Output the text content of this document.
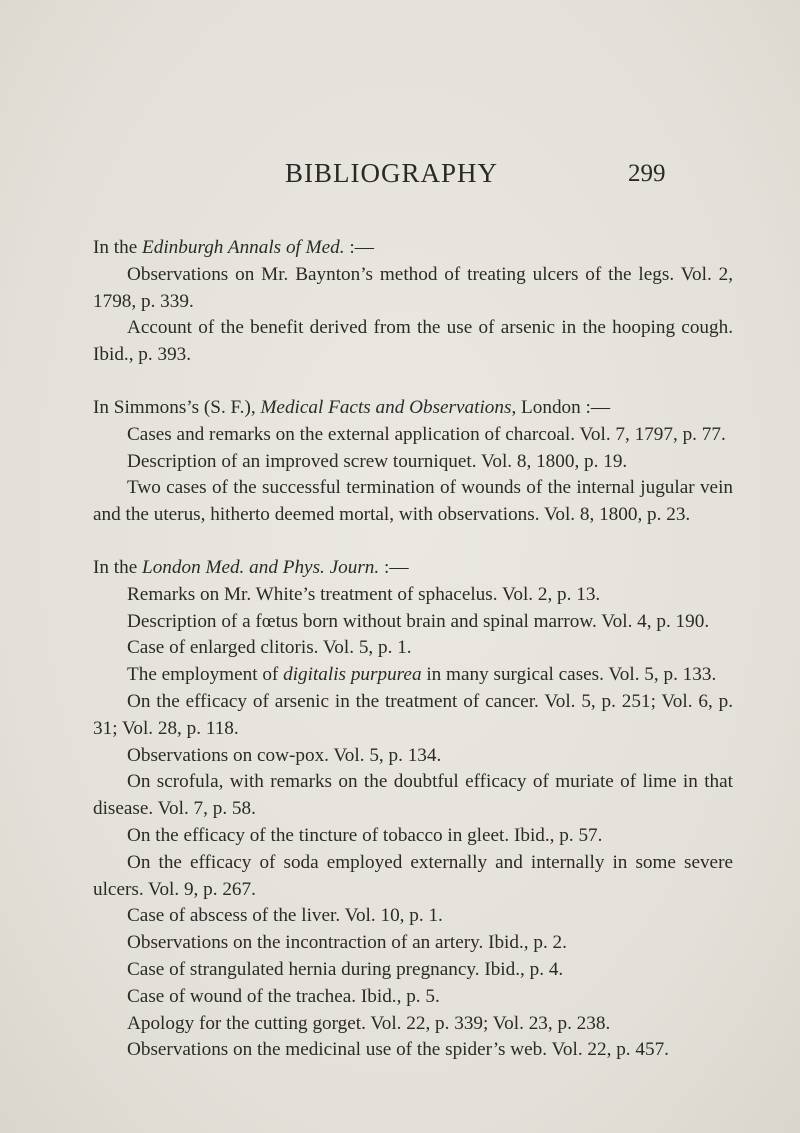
BIBLIOGRAPHY	299

In the Edinburgh Annals of Med. :—

Observations on Mr. Baynton’s method of treating ulcers of the legs. Vol. 2, 1798, p. 339.

Account of the benefit derived from the use of arsenic in the hooping cough. Ibid., p. 393.

In Simmons’s (S. F.), Medical Facts and Observations, London :—

Cases and remarks on the external application of charcoal. Vol. 7, 1797, p. 77.

Description of an improved screw tourniquet. Vol. 8, 1800, p. 19.

Two cases of the successful termination of wounds of the internal jugular vein and the uterus, hitherto deemed mortal, with observations. Vol. 8, 1800, p. 23.

In the London Med. and Phys. Journ. :—

Remarks on Mr. White’s treatment of sphacelus. Vol. 2, p. 13.

Description of a fœtus born without brain and spinal marrow. Vol. 4, p. 190.

Case of enlarged clitoris. Vol. 5, p. 1.

The employment of digitalis purpurea in many surgical cases. Vol. 5, p. 133.

On the efficacy of arsenic in the treatment of cancer. Vol. 5, p. 251; Vol. 6, p. 31; Vol. 28, p. 118.

Observations on cow-pox. Vol. 5, p. 134.

On scrofula, with remarks on the doubtful efficacy of muriate of lime in that disease. Vol. 7, p. 58.

On the efficacy of the tincture of tobacco in gleet. Ibid., p. 57.

On the efficacy of soda employed externally and internally in some severe ulcers. Vol. 9, p. 267.

Case of abscess of the liver. Vol. 10, p. 1.

Observations on the incontraction of an artery. Ibid., p. 2.

Case of strangulated hernia during pregnancy. Ibid., p. 4.

Case of wound of the trachea. Ibid., p. 5.

Apology for the cutting gorget. Vol. 22, p. 339; Vol. 23, p. 238.

Observations on the medicinal use of the spider’s web. Vol. 22, p. 457.
